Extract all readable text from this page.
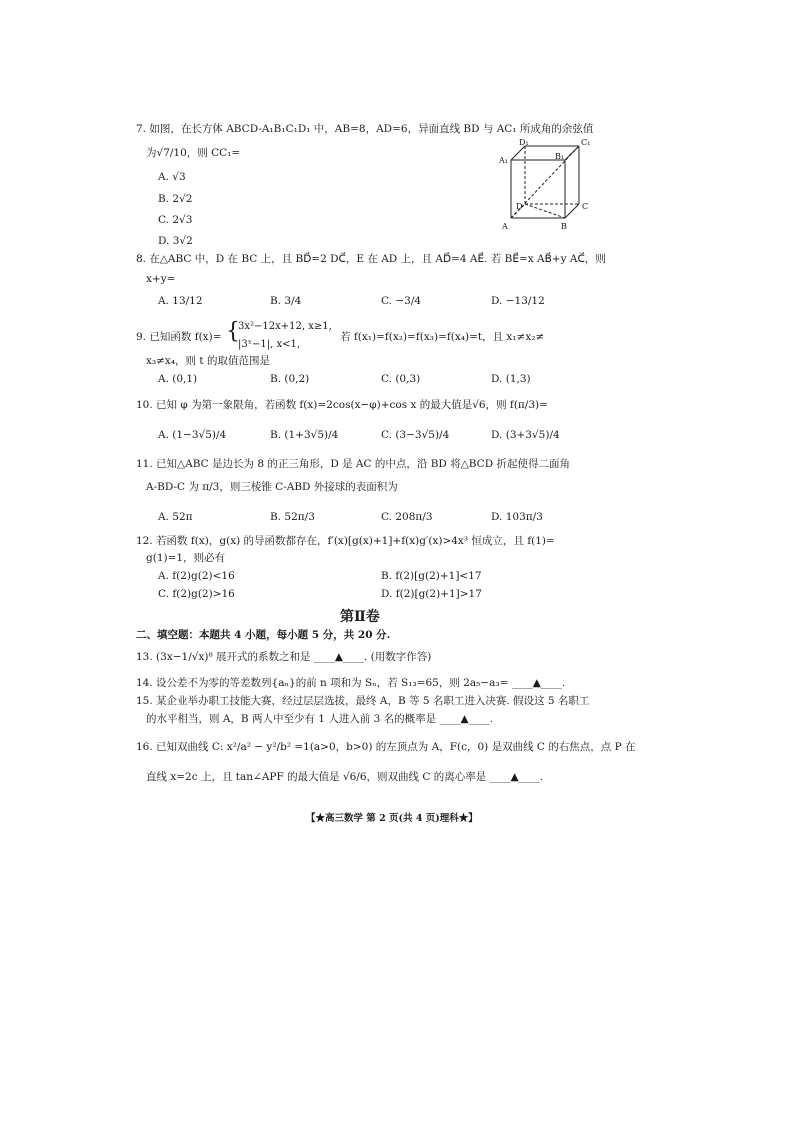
7. 如图，在长方体 ABCD-A₁B₁C₁D₁ 中，AB=8，AD=6，异面直线 BD 与 AC₁ 所成角的余弦值
为√7/10，则 CC₁=
A. √3
B. 2√2
C. 2√3
D. 3√2
D₁	C₁
A₁	B₁
D	C
A	B
8. 在△ABC 中，D 在 BC 上，且 BD⃗=2 DC⃗，E 在 AD 上，且 AD⃗=4 AE⃗. 若 BE⃗=x AB⃗+y AC⃗，则
x+y=
A. 13/12	B. 3/4	C. −3/4	D. −13/12
9. 已知函数 f(x)= {
3x²−12x+12, x≥1,
|3ˣ−1|, x<1,
若 f(x₁)=f(x₂)=f(x₃)=f(x₄)=t，且 x₁≠x₂≠
x₃≠x₄，则 t 的取值范围是
A. (0,1)	B. (0,2)	C. (0,3)	D. (1,3)
10. 已知 φ 为第一象限角，若函数 f(x)=2cos(x−φ)+cos x 的最大值是√6，则 f(π/3)=
A. (1−3√5)/4	B. (1+3√5)/4	C. (3−3√5)/4	D. (3+3√5)/4
11. 已知△ABC 是边长为 8 的正三角形，D 是 AC 的中点，沿 BD 将△BCD 折起使得二面角
A-BD-C 为 π/3，则三棱锥 C-ABD 外接球的表面积为
A. 52π	B. 52π/3	C. 208π/3	D. 103π/3
12. 若函数 f(x)，g(x) 的导函数都存在，f′(x)[g(x)+1]+f(x)g′(x)>4x³ 恒成立，且 f(1)=
g(1)=1，则必有
A. f(2)g(2)<16	B. f(2)[g(2)+1]<17
C. f(2)g(2)>16	D. f(2)[g(2)+1]>17
第Ⅱ卷
二、填空题：本题共 4 小题，每小题 5 分，共 20 分.
13. (3x−1/√x)⁸ 展开式的系数之和是 ____▲____. (用数字作答)
14. 设公差不为零的等差数列{aₙ}的前 n 项和为 Sₙ，若 S₁₃=65，则 2a₅−a₃= ____▲____.
15. 某企业举办职工技能大赛，经过层层选拔，最终 A，B 等 5 名职工进入决赛. 假设这 5 名职工
的水平相当，则 A，B 两人中至少有 1 人进入前 3 名的概率是 ____▲____.
16. 已知双曲线 C: x²/a² − y²/b² =1(a>0，b>0) 的左顶点为 A，F(c，0) 是双曲线 C 的右焦点，点 P 在
直线 x=2c 上，且 tan∠APF 的最大值是 √6/6，则双曲线 C 的离心率是 ____▲____.
【★高三数学 第 2 页(共 4 页)理科★】
